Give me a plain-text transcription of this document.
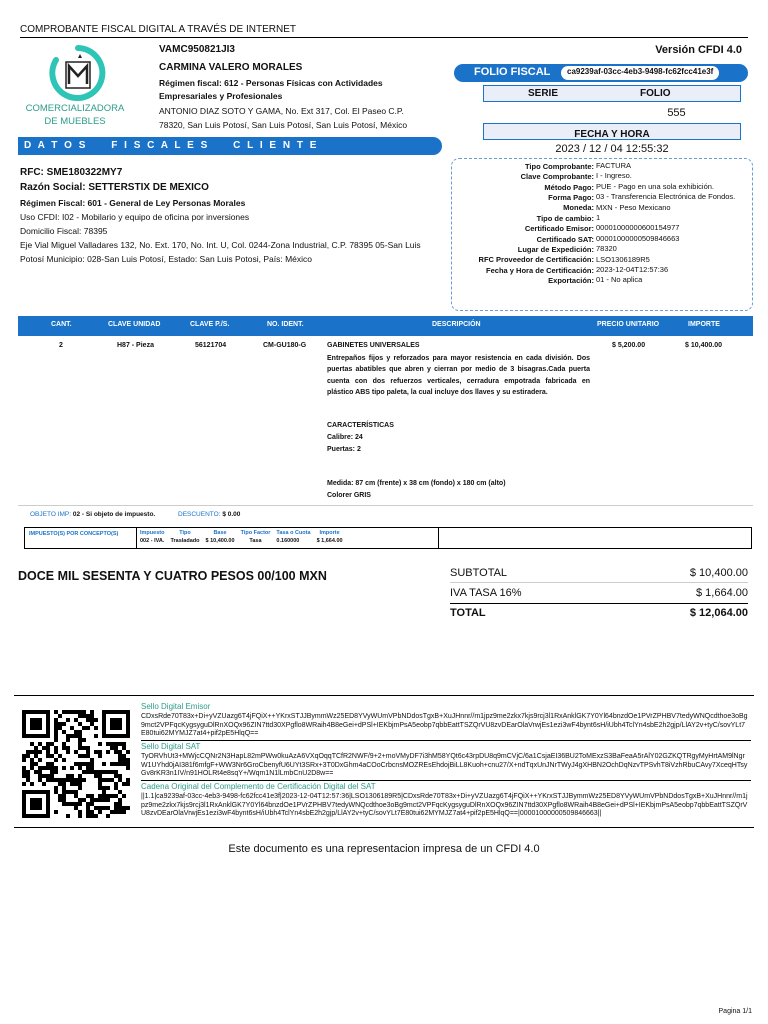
COMPROBANTE FISCAL DIGITAL A TRAVÉS DE INTERNET
COMERCIALIZADORA
DE MUEBLES
VAMC950821JI3
CARMINA VALERO MORALES
Régimen fiscal: 612 - Personas Físicas con Actividades
Empresariales y Profesionales
ANTONIO DIAZ SOTO Y GAMA, No. Ext 317, Col. El Paseo C.P.
78320, San Luis Potosí, San Luis Potosí, San Luis Potosí, México
Versión CFDI 4.0
FOLIO FISCAL	ca9239af-03cc-4eb3-9498-fc62fcc41e3f
SERIE	FOLIO
555
FECHA Y HORA
2023 / 12 / 04 12:55:32
D A T O S     F I S C A L E S     C L I E N T E
RFC: SME180322MY7
Razón Social: SETTERSTIX DE MEXICO
Régimen Fiscal: 601 - General de Ley Personas Morales
Uso CFDI: I02 - Mobilario y equipo de oficina por inversiones
Domicilio Fiscal: 78395
Eje Vial Miguel Valladares 132, No. Ext. 170, No. Int. U, Col. 0244-Zona Industrial, C.P. 78395 05-San Luis
Potosí Municipio: 028-San Luis Potosí, Estado: San Luis Potosi, País: México
Tipo Comprobante:	FACTURA
Clave Comprobante:	I - Ingreso.
Método Pago:	PUE - Pago en una sola exhibición.
Forma Pago:	03 - Transferencia Electrónica de Fondos.
Moneda:	MXN - Peso Mexicano
Tipo de cambio:	1
Certificado Emisor:	00001000000600154977
Certificado SAT:	00001000000509846663
Lugar de Expedición:	78320
RFC Proveedor de Certificación:	LSO1306189R5
Fecha y Hora de Certificación:	2023-12-04T12:57:36
Exportación:	01 - No aplica
CANT.	CLAVE UNIDAD	CLAVE P./S.	NO. IDENT.	DESCRIPCIÓN	PRECIO UNITARIO	IMPORTE
2	H87 - Pieza	56121704	CM-GU180-G	$ 5,200.00	$ 10,400.00
GABINETES UNIVERSALES
Entrepaños fijos y reforzados para mayor resistencia en cada división. Dos puertas abatibles que abren y cierran por medio de 3 bisagras.Cada puerta cuenta con dos refuerzos verticales, cerradura empotrada fabricada en plástico ABS tipo paleta, la cual incluye dos llaves y su estiradera.
CARACTERÍSTICAS
Calibre: 24
Puertas: 2
Medida: 87 cm (frente) x 38 cm (fondo) x 180 cm (alto)
Colorer GRIS
OBJETO IMP: 02 - Si objeto de impuesto.	DESCUENTO: $ 0.00
IMPUESTO(S) POR CONCEPTO(S)	Impuesto	Tipo	Base	Tipo Factor	Tasa o Cuota	Importe
002 - IVA.	Trasladado	$ 10,400.00	Tasa	0.160000	$ 1,664.00
DOCE MIL SESENTA Y CUATRO PESOS 00/100 MXN	SUBTOTAL	$ 10,400.00
IVA TASA 16%	$ 1,664.00
TOTAL	$ 12,064.00
Sello Digital Emisor
CDxsRde70T83x+Di+yVZUazg6T4jFQiX++YKrxSTJJBymmWz25ED8YVyWUmVPbNDdosTgxB+XuJHnnr//m1jpz9me2zkx7kjs9rcj3l1RxAnklGK7Y0Yl64bnzdOe1PVrZPHBV7tedyWNQcdthoe3oBg9mct2VPFqcKygsyguDlRnXOQx96ZIN7ttd30XPgflo8WRaih4B8eGei+dPSl+IEKbjmPsA5eobp7qbbEattTSZQrVU8zvDEarOlaVrwjEs1ezi3wF4bynt6sH/iUbh4TclYn4sbE2h2gjp/LlAY2v+tyC/sovYLt7E80tui62MYMJZ7at4+pif2pE5HlqQ==
Sello Digital SAT
TyORVhUt3+MWjcCQNr2N3HapL82mPWw0kuAzA6VXqOqqTCfR2NWF/9+2+moVMyDF7i3hM58YQt6c43rpDU8q9mCVjC/6a1CsjaEI36BU2ToMExzS3BaFeaA5rAlY02GZKQTRgyMyHrtAM9lNgrW1UYhd0jAI381f6mfgF+WW3Nr6GroCbenyfU6UYt3SRx+3T0DxGhm4aCOoCrbcnsMOZREsEhdojBiLL8Kuoh+cnu27/X+ndTqxUnJNrTWyJ4gXHBN2OchDqNzvTPSvhT8iVzhRbuCAvy7XceqHTsyGv8rKR3n1IV/n91HOLRt4e8sqY+/Wqm1N1lLmbCnU2D8w==
Cadena Original del Complemento de Certificación Digital del SAT
||1.1|ca9239af-03cc-4eb3-9498-fc62fcc41e3f|2023-12-04T12:57:36|LSO1306189R5|CDxsRde70T83x+Di+yVZUazg6T4jFQiX++YKrxSTJJBymmWz25ED8YVyWUmVPbNDdosTgxB+XuJHnnr//m1jpz9me2zkx7kjs9rcj3l1RxAnklGK7Y0Yl64bnzdOe1PVrZPHBV7tedyWNQcdthoe3oBg9mct2VPFqcKygsyguDlRnXOQx96ZIN7ttd30XPgflo8WRaih4B8eGei+dPSl+IEKbjmPsA5eobp7qbbEattTSZQrVU8zvDEarOlaVrwjEs1ezi3wF4bynt6sH/iUbh4TclYn4sbE2h2gjp/LlAY2v+tyC/sovYLt7E80tui62MYMJZ7at4+pif2pE5HlqQ==|00001000000509846663||
Este documento es una representacion impresa de un CFDI 4.0
Pagina 1/1
